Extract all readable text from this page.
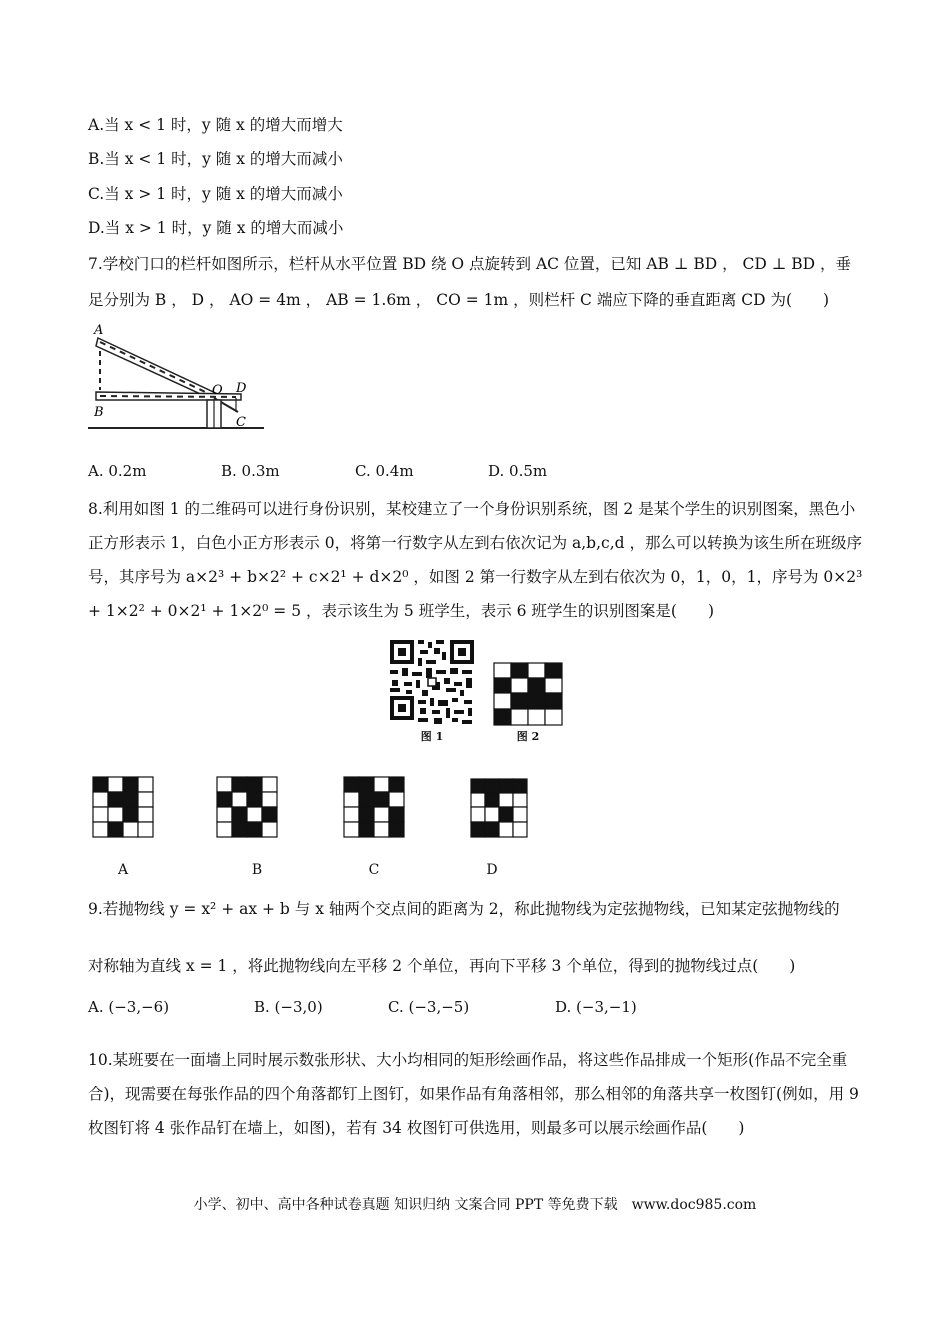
A.当 x < 1 时，y 随 x 的增大而增大
B.当 x < 1 时，y 随 x 的增大而减小
C.当 x > 1 时，y 随 x 的增大而减小
D.当 x > 1 时，y 随 x 的增大而减小
7.学校门口的栏杆如图所示，栏杆从水平位置 BD 绕 O 点旋转到 AC 位置，已知 AB ⊥ BD ， CD ⊥ BD ，垂
足分别为 B ， D ， AO = 4m ， AB = 1.6m ， CO = 1m ，则栏杆 C 端应下降的垂直距离 CD 为(　　)
A
B
O D
C
A. 0.2m	B. 0.3m	C. 0.4m	D. 0.5m
8.利用如图 1 的二维码可以进行身份识别，某校建立了一个身份识别系统，图 2 是某个学生的识别图案，黑色小正方形表示 1，白色小正方形表示 0，将第一行数字从左到右依次记为 a,b,c,d ，那么可以转换为该生所在班级序号，其序号为 a×2³ + b×2² + c×2¹ + d×2⁰ ，如图 2 第一行数字从左到右依次为 0，1，0，1，序号为 0×2³ + 1×2² + 0×2¹ + 1×2⁰ = 5 ，表示该生为 5 班学生，表示 6 班学生的识别图案是(　　)
图 1	图 2
A	B	C	D
9.若抛物线 y = x² + ax + b 与 x 轴两个交点间的距离为 2，称此抛物线为定弦抛物线，已知某定弦抛物线的
对称轴为直线 x = 1 ，将此抛物线向左平移 2 个单位，再向下平移 3 个单位，得到的抛物线过点(　　)
A. (−3,−6)	B. (−3,0)	C. (−3,−5)	D. (−3,−1)
10.某班要在一面墙上同时展示数张形状、大小均相同的矩形绘画作品，将这些作品排成一个矩形(作品不完全重合)，现需要在每张作品的四个角落都钉上图钉，如果作品有角落相邻，那么相邻的角落共享一枚图钉(例如，用 9 枚图钉将 4 张作品钉在墙上，如图)，若有 34 枚图钉可供选用，则最多可以展示绘画作品(　　)
小学、初中、高中各种试卷真题 知识归纳 文案合同 PPT 等免费下载　www.doc985.com
